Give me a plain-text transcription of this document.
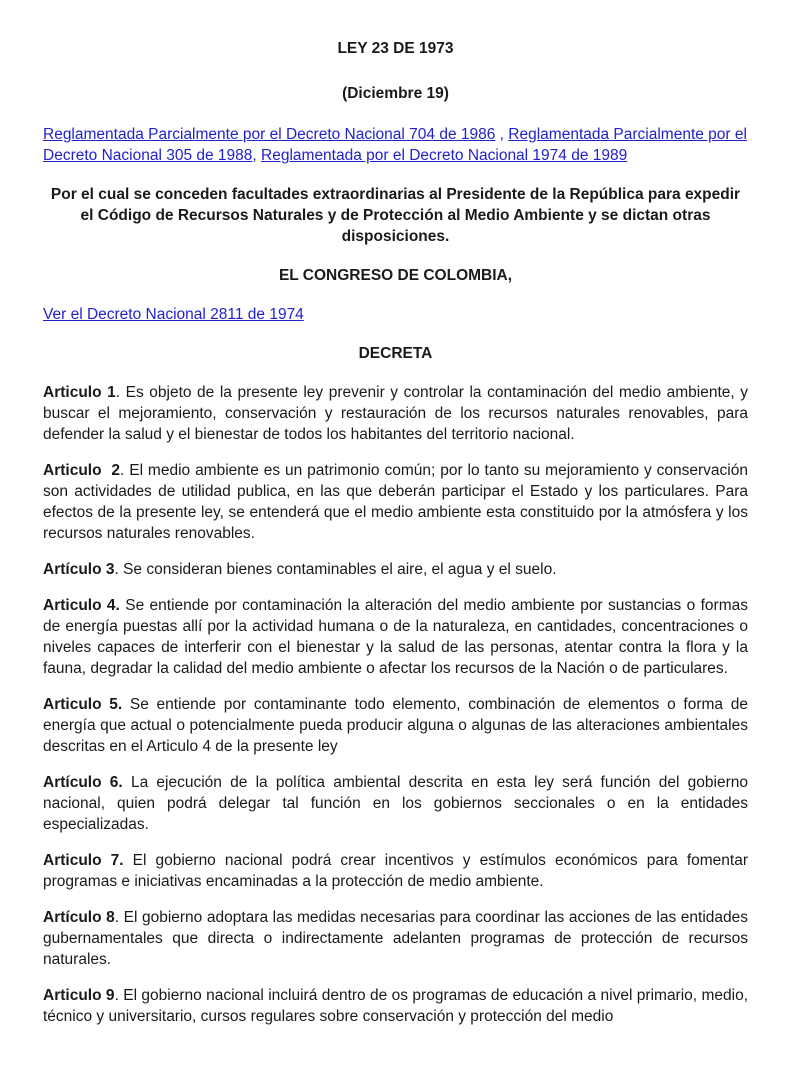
LEY 23 DE 1973

(Diciembre 19)

Reglamentada Parcialmente por el Decreto Nacional 704 de 1986 , Reglamentada Parcialmente por el Decreto Nacional 305 de 1988, Reglamentada por el Decreto Nacional 1974 de 1989

Por el cual se conceden facultades extraordinarias al Presidente de la República para expedir el Código de Recursos Naturales y de Protección al Medio Ambiente y se dictan otras disposiciones.

EL CONGRESO DE COLOMBIA,

Ver el Decreto Nacional 2811 de 1974

DECRETA

Articulo 1. Es objeto de la presente ley prevenir y controlar la contaminación del medio ambiente, y buscar el mejoramiento, conservación y restauración de los recursos naturales renovables, para defender la salud y el bienestar de todos los habitantes del territorio nacional.

Articulo  2. El medio ambiente es un patrimonio común; por lo tanto su mejoramiento y conservación son actividades de utilidad publica, en las que deberán participar el Estado y los particulares. Para efectos de la presente ley, se entenderá que el medio ambiente esta constituido por la atmósfera y los recursos naturales renovables.

Artículo 3. Se consideran bienes contaminables el aire, el agua y el suelo.

Articulo 4. Se entiende por contaminación la alteración del medio ambiente por sustancias o formas de energía puestas allí por la actividad humana o de la naturaleza, en cantidades, concentraciones o niveles capaces de interferir con el bienestar y la salud de las personas, atentar contra la flora y la fauna, degradar la calidad del medio ambiente o afectar los recursos de la Nación o de particulares.

Articulo 5. Se entiende por contaminante todo elemento, combinación de elementos o forma de energía que actual o potencialmente pueda producir alguna o algunas de las alteraciones ambientales descritas en el Articulo 4 de la presente ley

Artículo 6. La ejecución de la política ambiental descrita en esta ley será función del gobierno nacional, quien podrá delegar tal función en los gobiernos seccionales o en la entidades especializadas.

Articulo 7. El gobierno nacional podrá crear incentivos y estímulos económicos para fomentar programas e iniciativas encaminadas a la protección de medio ambiente.

Artículo 8. El gobierno adoptara las medidas necesarias para coordinar las acciones de las entidades gubernamentales que directa o indirectamente adelanten programas de protección de recursos naturales.

Articulo 9. El gobierno nacional incluirá dentro de os programas de educación a nivel primario, medio, técnico y universitario, cursos regulares sobre conservación y protección del medio
